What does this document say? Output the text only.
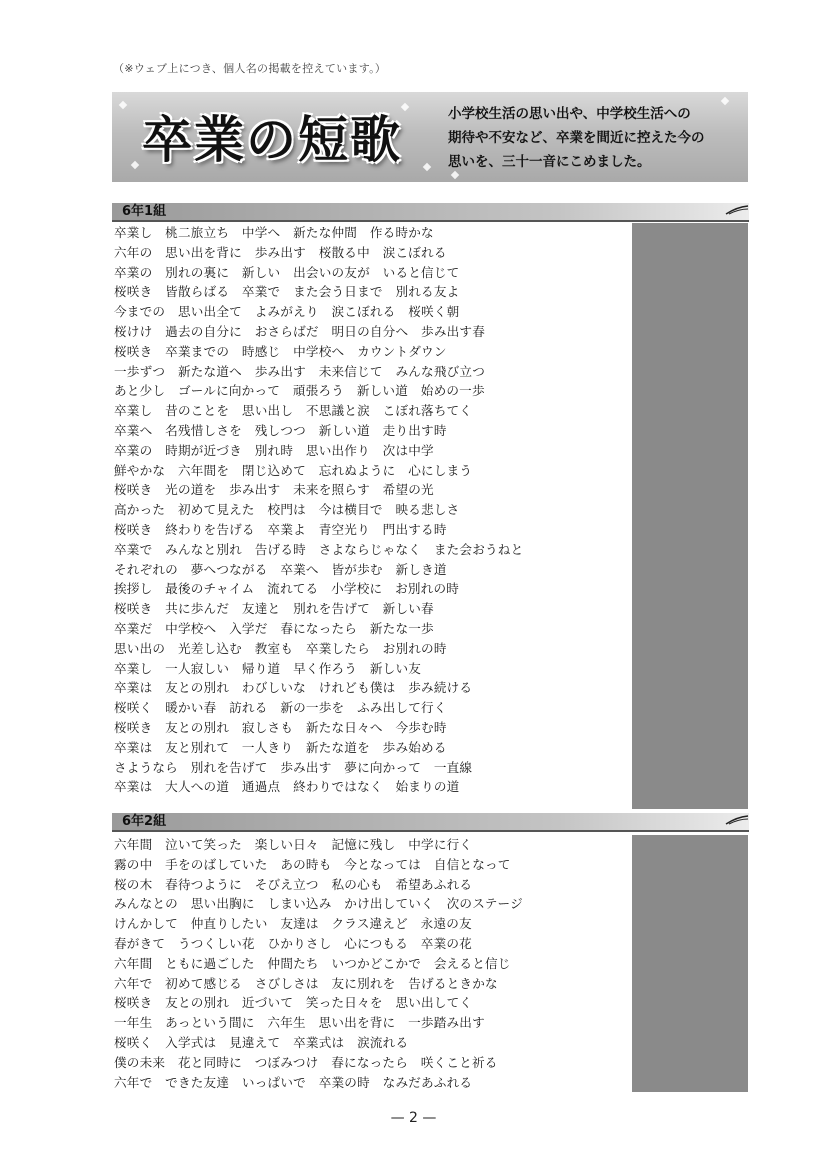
（※ウェブ上につき、個人名の掲載を控えています。）
卒業の短歌	小学校生活の思い出や、中学校生活への
期待や不安など、卒業を間近に控えた今の
思いを、三十一音にこめました。
6年1組
卒業し　桃二旅立ち　中学へ　新たな仲間　作る時かな
六年の　思い出を背に　歩み出す　桜散る中　涙こぼれる
卒業の　別れの裏に　新しい　出会いの友が　いると信じて
桜咲き　皆散らばる　卒業で　また会う日まで　別れる友よ
今までの　思い出全て　よみがえり　涙こぼれる　桜咲く朝
桜けけ　過去の自分に　おさらばだ　明日の自分へ　歩み出す春
桜咲き　卒業までの　時感じ　中学校へ　カウントダウン
一歩ずつ　新たな道へ　歩み出す　未来信じて　みんな飛び立つ
あと少し　ゴールに向かって　頑張ろう　新しい道　始めの一歩
卒業し　昔のことを　思い出し　不思議と涙　こぼれ落ちてく
卒業へ　名残惜しさを　残しつつ　新しい道　走り出す時
卒業の　時期が近づき　別れ時　思い出作り　次は中学
鮮やかな　六年間を　閉じ込めて　忘れぬように　心にしまう
桜咲き　光の道を　歩み出す　未来を照らす　希望の光
高かった　初めて見えた　校門は　今は横目で　映る悲しさ
桜咲き　終わりを告げる　卒業よ　青空光り　門出する時
卒業で　みんなと別れ　告げる時　さよならじゃなく　また会おうねと
それぞれの　夢へつながる　卒業へ　皆が歩む　新しき道
挨拶し　最後のチャイム　流れてる　小学校に　お別れの時
桜咲き　共に歩んだ　友達と　別れを告げて　新しい春
卒業だ　中学校へ　入学だ　春になったら　新たな一歩
思い出の　光差し込む　教室も　卒業したら　お別れの時
卒業し　一人寂しい　帰り道　早く作ろう　新しい友
卒業は　友との別れ　わびしいな　けれども僕は　歩み続ける
桜咲く　暖かい春　訪れる　新の一歩を　ふみ出して行く
桜咲き　友との別れ　寂しさも　新たな日々へ　今歩む時
卒業は　友と別れて　一人きり　新たな道を　歩み始める
さようなら　別れを告げて　歩み出す　夢に向かって　一直線
卒業は　大人への道　通過点　終わりではなく　始まりの道
6年2組
六年間　泣いて笑った　楽しい日々　記憶に残し　中学に行く
霧の中　手をのばしていた　あの時も　今となっては　自信となって
桜の木　春待つように　そびえ立つ　私の心も　希望あふれる
みんなとの　思い出胸に　しまい込み　かけ出していく　次のステージ
けんかして　仲直りしたい　友達は　クラス違えど　永遠の友
春がきて　うつくしい花　ひかりさし　心につもる　卒業の花
六年間　ともに過ごした　仲間たち　いつかどこかで　会えると信じ
六年で　初めて感じる　さびしさは　友に別れを　告げるときかな
桜咲き　友との別れ　近づいて　笑った日々を　思い出してく
一年生　あっという間に　六年生　思い出を背に　一歩踏み出す
桜咲く　入学式は　見違えて　卒業式は　涙流れる
僕の未来　花と同時に　つぼみつけ　春になったら　咲くこと祈る
六年で　できた友達　いっぱいで　卒業の時　なみだあふれる
— 2 —
